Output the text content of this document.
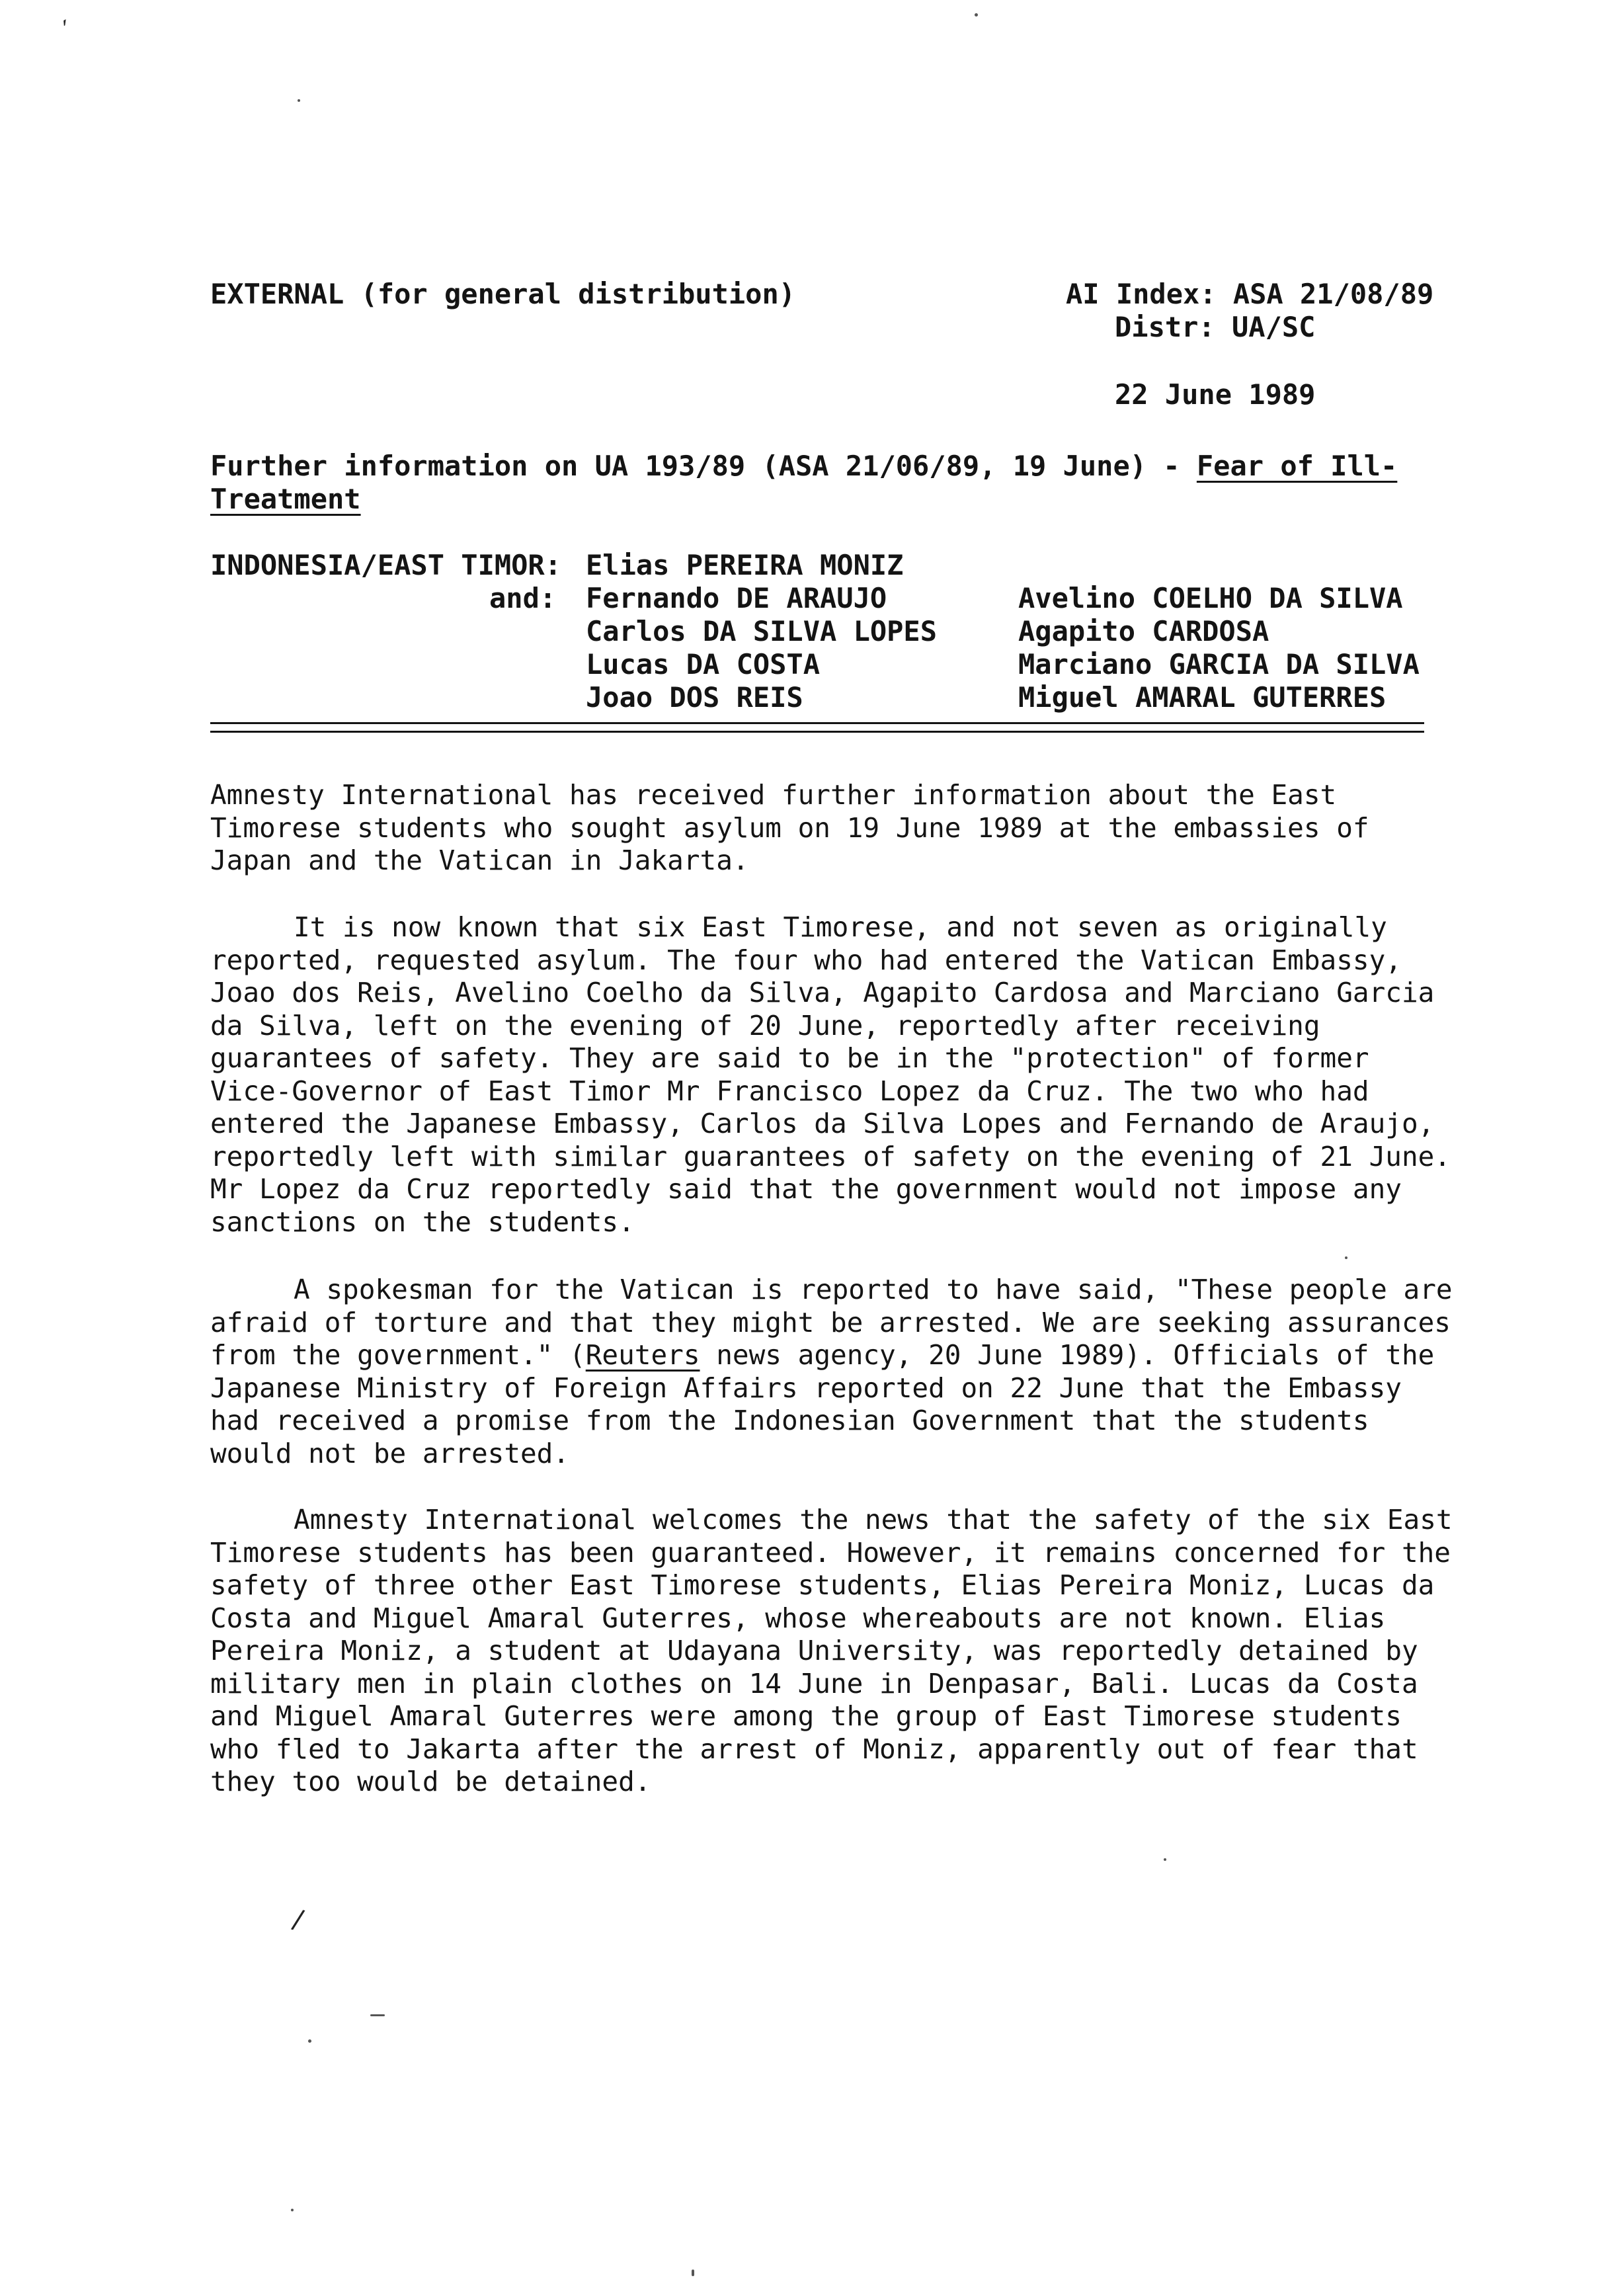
EXTERNAL (for general distribution)	AI Index: ASA 21/08/89
Distr: UA/SC
22 June 1989
Further information on UA 193/89 (ASA 21/06/89, 19 June) - Fear of Ill-
Treatment
INDONESIA/EAST TIMOR: Elias PEREIRA MONIZ
and: Fernando DE ARAUJO
Carlos DA SILVA LOPES
Lucas DA COSTA
Joao DOS REIS
Avelino COELHO DA SILVA
Agapito CARDOSA
Marciano GARCIA DA SILVA
Miguel AMARAL GUTERRES

Amnesty International has received further information about the East Timorese students who sought asylum on 19 June 1989 at the embassies of Japan and the Vatican in Jakarta.

It is now known that six East Timorese, and not seven as originally reported, requested asylum. The four who had entered the Vatican Embassy, Joao dos Reis, Avelino Coelho da Silva, Agapito Cardosa and Marciano Garcia da Silva, left on the evening of 20 June, reportedly after receiving guarantees of safety. They are said to be in the "protection" of former Vice-Governor of East Timor Mr Francisco Lopez da Cruz. The two who had entered the Japanese Embassy, Carlos da Silva Lopes and Fernando de Araujo, reportedly left with similar guarantees of safety on the evening of 21 June. Mr Lopez da Cruz reportedly said that the government would not impose any sanctions on the students.

A spokesman for the Vatican is reported to have said, "These people are afraid of torture and that they might be arrested. We are seeking assurances from the government." (Reuters news agency, 20 June 1989). Officials of the Japanese Ministry of Foreign Affairs reported on 22 June that the Embassy had received a promise from the Indonesian Government that the students would not be arrested.

Amnesty International welcomes the news that the safety of the six East Timorese students has been guaranteed. However, it remains concerned for the safety of three other East Timorese students, Elias Pereira Moniz, Lucas da Costa and Miguel Amaral Guterres, whose whereabouts are not known. Elias Pereira Moniz, a student at Udayana University, was reportedly detained by military men in plain clothes on 14 June in Denpasar, Bali. Lucas da Costa and Miguel Amaral Guterres were among the group of East Timorese students who fled to Jakarta after the arrest of Moniz, apparently out of fear that they too would be detained.

′
/
